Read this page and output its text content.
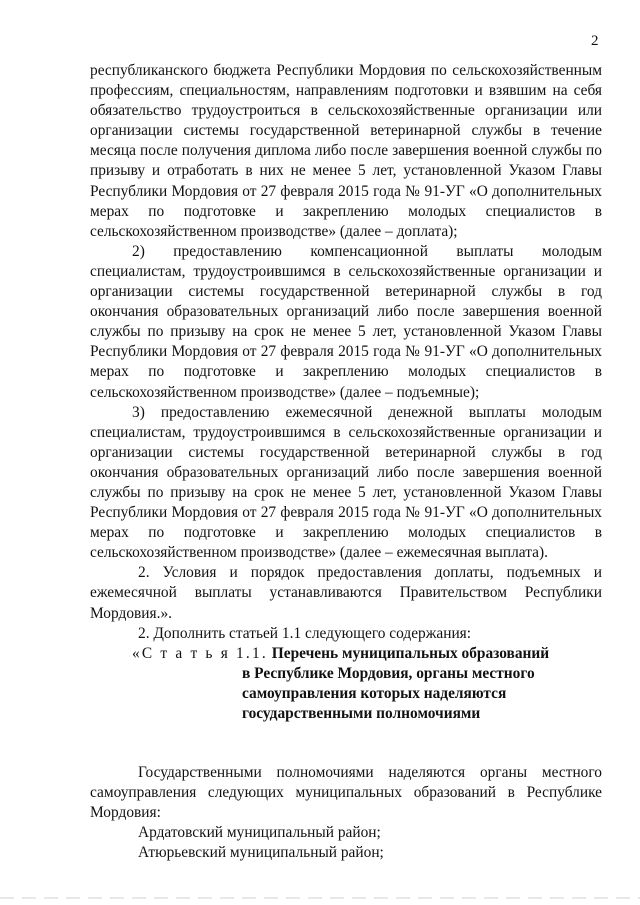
2

республиканского бюджета Республики Мордовия по сельскохозяйственным профессиям, специальностям, направлениям подготовки и взявшим на себя обязательство трудоустроиться в сельскохозяйственные организации или организации системы государственной ветеринарной службы в течение месяца после получения диплома либо после завершения военной службы по призыву и отработать в них не менее 5 лет, установленной Указом Главы Республики Мордовия от 27 февраля 2015 года № 91-УГ «О дополнительных мерах по подготовке и закреплению молодых специалистов в сельскохозяйственном производстве» (далее – доплата);

2) предоставлению компенсационной выплаты молодым специалистам, трудоустроившимся в сельскохозяйственные организации и организации системы государственной ветеринарной службы в год окончания образовательных организаций либо после завершения военной службы по призыву на срок не менее 5 лет, установленной Указом Главы Республики Мордовия от 27 февраля 2015 года № 91-УГ «О дополнительных мерах по подготовке и закреплению молодых специалистов в сельскохозяйственном производстве» (далее – подъемные);

3) предоставлению ежемесячной денежной выплаты молодым специалистам, трудоустроившимся в сельскохозяйственные организации и организации системы государственной ветеринарной службы в год окончания образовательных организаций либо после завершения военной службы по призыву на срок не менее 5 лет, установленной Указом Главы Республики Мордовия от 27 февраля 2015 года № 91-УГ «О дополнительных мерах по подготовке и закреплению молодых специалистов в сельскохозяйственном производстве» (далее – ежемесячная выплата).

2. Условия и порядок предоставления доплаты, подъемных и ежемесячной выплаты устанавливаются Правительством Республики Мордовия.».

2. Дополнить статьей 1.1 следующего содержания:

«С т а т ь я 1.1. Перечень муниципальных образований
в Республике Мордовия, органы местного
самоуправления которых наделяются
государственными полномочиями

Государственными полномочиями наделяются органы местного самоуправления следующих муниципальных образований в Республике Мордовия:

Ардатовский муниципальный район;

Атюрьевский муниципальный район;
